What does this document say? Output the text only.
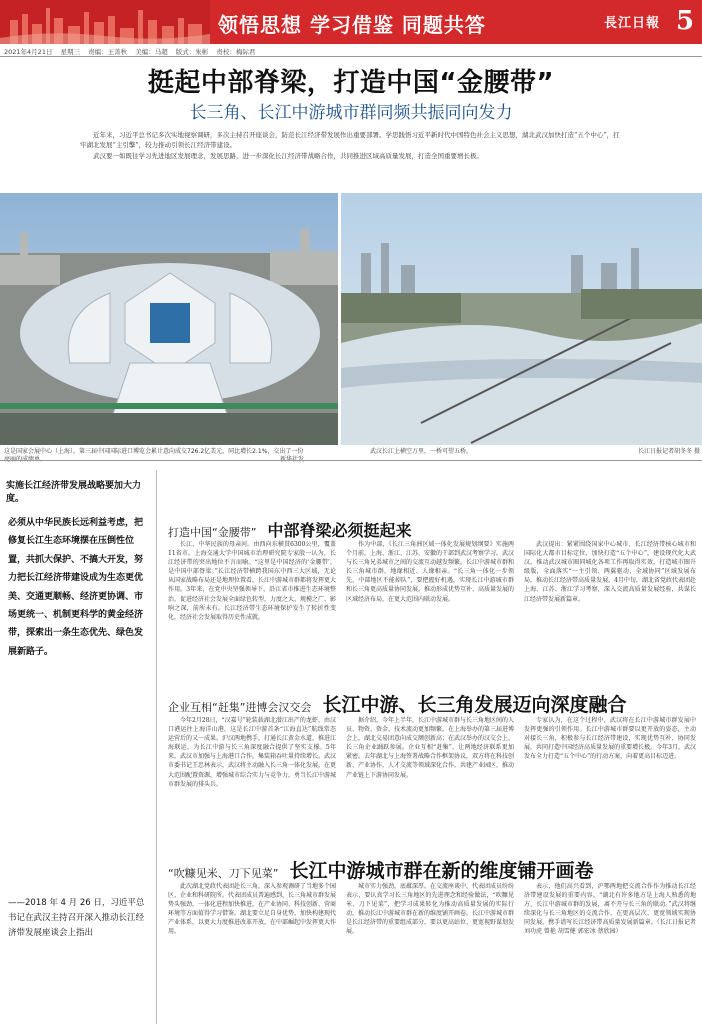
领悟思想 学习借鉴 同题共答	長江日報 5
2021年4月21日 星期三 责编：王善秋 美编：马超 版式：朱彬 责校：梅际君
挺起中部脊梁，打造中国“金腰带”
长三角、长江中游城市群同频共振同向发力

近年来，习近平总书记多次实地视察调研，多次主持召开座谈会，防范长江经济带发展作出重要部署。学思践悟习近平新时代中国特色社会主义思想，湖北武汉加快打造“五个中心”，扛牢湖北发展“主引擎”，较力推动引领长江经济带建设。

武汉要一如既往学习先进地区发展理念，发展思路，进一步深化长江经济带战略合作，共同推进区域高质量发展，打造全国重要增长极。

这是国家会展中心（上海）。第三届中国国际进口博览会累计意向成交726.2亿美元，同比增长2.1%，交出了一份	武汉长江上横空万里，一桥可望五桥。	长江日报记者胡冬冬 摄
实施长江经济带发展战略要加大力度。
必须从中华民族长远利益考虑，把修复长江生态环境摆在压倒性位置，共抓大保护、不搞大开发，努力把长江经济带建设成为生态更优美、交通更顺畅、经济更协调、市场更统一、机制更科学的黄金经济带，探索出一条生态优先、绿色发展新路子。
——2018 年 4 月 26 日，习近平总书记在武汉主持召开深入推动长江经济带发展座谈会上指出
打造中国“金腰带” 中部脊梁必须挺起来

长江，中华民族的母亲河。由西向东横贯6300公里，覆盖11省市。上海交通大学中国城市治理研究院专家殷一认为，长江经济带的突出地位不言而喻。“这里是中国经济的‘金腰带’，是中国中部脊梁。”长江经济带横跨我国东中西三大区域，无论从国家战略布局还是地理位置看，长江中游城市群都将发挥更大作用。3年来，在党中央坚强领导下，沿江省市推进生态环境整治，促进经济社会发展全面绿色转型，力度之大、规模之广、影响之深，前所未有。长江经济带生态环境保护发生了转折性变化，经济社会发展取得历史性成就。

作为中部，《长江三角洲区域一体化发展规划纲要》实施两个月前，上海、浙江、江苏、安徽的干部到武汉考察学习。武汉与长三角兄弟城市之间的交流互动越发频繁。长江中游城市群和长三角城市群，地缘相近、人缘相亲。“长三角一体化一步领先，中部地区不能掉队”，要把握好机遇，实现长江中游城市群和长三角更高质量协同发展。推动形成优势互补、高质量发展的区域经济布局，在更大范围内联动发展。

武汉提出：紧紧围绕国家中心城市、长江经济带核心城市和国际化大都市目标定位，加快打造“五个中心”，建设现代化大武汉。推动武汉城市圈同城化各项工作再取得实效，打造城市圈升级版，全面落实“一主引领、两翼驱动、全域协同”区域发展布局，推动长江经济带高质量发展。4月中旬，湖北省党政代表团赴上海、江苏、浙江学习考察，深入交流高质量发展经验，共谋长江经济带发展新篇章。

企业互相“赶集”进博会汉交会 长江中游、长三角发展迈向深度融合

今年2月28日，“汉嘉号”轮装载湖北潜江出产的龙虾，由汉口港运往上海洋山港，这是长江中游首条“江海直达”航线常态运营后的又一成果。沪汉两地携手，打通长江黄金水道，推进江海联运，为长江中游与长三角深度融合提供了坚实支撑。5年来，武汉市加强与上海港口合作，集装箱吞吐量持续增长。武汉市委书记王忠林表示，武汉将主动融入长三角一体化发展，在更大范围配置资源，增强城市综合实力与竞争力，勇当长江中游城市群发展的排头兵。

据介绍，今年上半年，长江中游城市群与长三角地区间的人员、物资、资金、技术流动更加频繁。在上海举办的第三届进博会上，湖北交易团意向成交额创新高；在武汉举办的汉交会上，长三角企业踊跃参展。企业互相“赶集”，让两地经济联系更加紧密。去年湖北与上海签署战略合作框架协议，双方将在科技创新、产业协作、人才交流等领域深化合作。共建产业园区，推动产业链上下游协同发展。

专家认为，在这个过程中，武汉将在长江中游城市群发展中发挥更强的引领作用。长江中游城市群要以更开放的姿态，主动对接长三角，积极参与长江经济带建设，实现优势互补、协同发展，共同打造中国经济高质量发展的重要增长极。今年3月，武汉发布全力打造“五个中心”的行动方案，向着更高目标迈进。

“吹糠见米、刀下见菜” 长江中游城市群在新的维度铺开画卷

此次湖北党政代表团赴长三角，深入参观调研了当地多个园区、企业和科研院所。代表团成员普遍感到，长三角城市群发展势头强劲，一体化进程加快推进，在产业协同、科技创新、营商环境等方面值得学习借鉴。湖北要立足自身优势，加快构建现代产业体系，以更大力度推进改革开放，在中部崛起中发挥更大作用。

城市实力强劲，底蕴深厚。在交流座谈中，代表团成员纷纷表示，要认真学习长三角地区的先进理念和经验做法，“吹糠见米、刀下见菜”，把学习成果转化为推动高质量发展的实际行动，推动长江中游城市群在新的维度铺开画卷。长江中游城市群是长江经济带的重要组成部分，要以更高站位、更宽视野谋划发展。

表示，他们高兴看到，沪鄂两地把交流合作作为推动长江经济带建设发展的重要内容。“湖北有许多地方是上海人熟悉的地方，长江中游城市群的发展，离不开与长三角的联动。”武汉将继续深化与长三角地区的交流合作，在更高层次、更宽领域实现协同发展，携手谱写长江经济带高质量发展新篇章。（长江日报记者刘功虎 曾艳 胡雪健 郭宏冰 蔡欣园）
